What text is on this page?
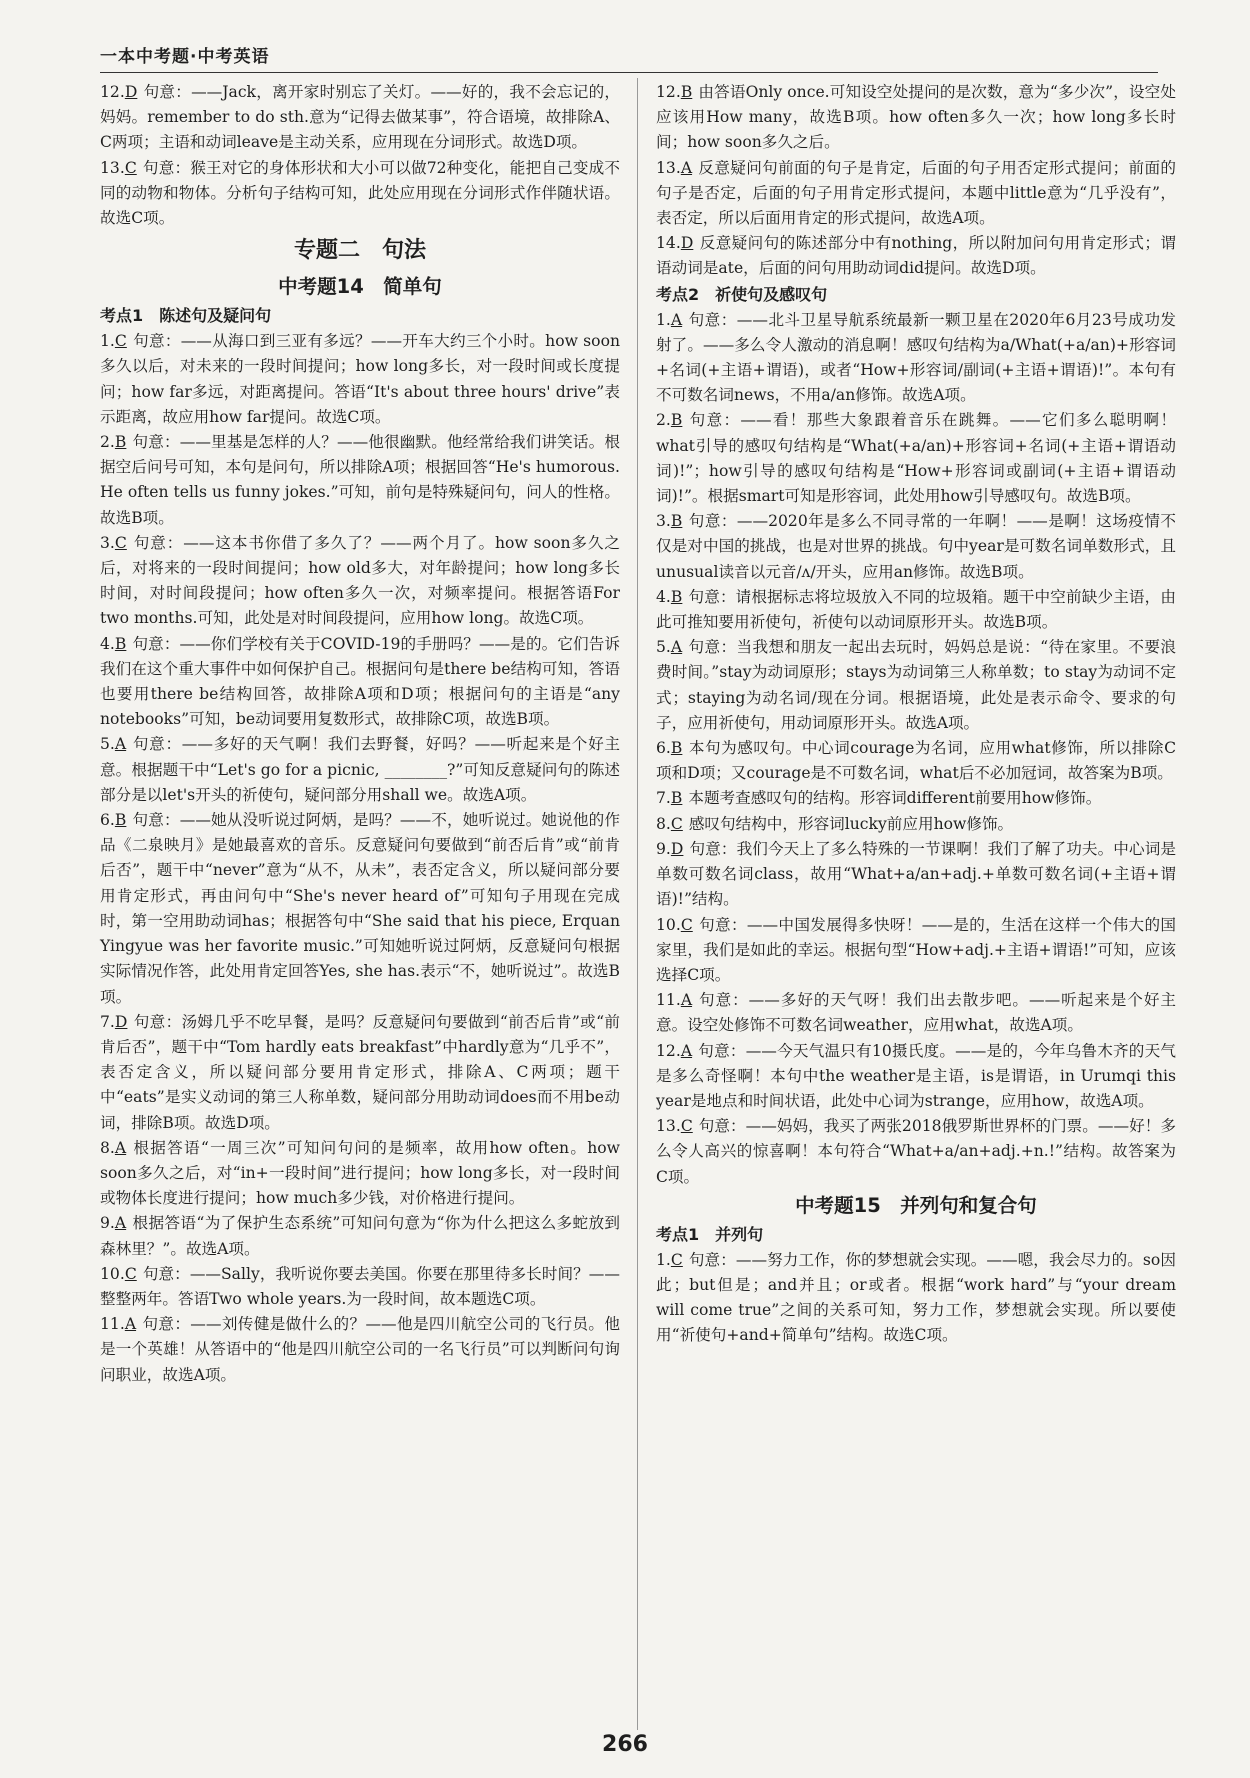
一本中考题·中考英语
12.D 句意：——Jack，离开家时别忘了关灯。——好的，我不会忘记的，妈妈。remember to do sth.意为“记得去做某事”，符合语境，故排除A、C两项；主语和动词leave是主动关系，应用现在分词形式。故选D项。
13.C 句意：猴王对它的身体形状和大小可以做72种变化，能把自己变成不同的动物和物体。分析句子结构可知，此处应用现在分词形式作伴随状语。故选C项。
专题二　句法
中考题14　简单句
考点1　陈述句及疑问句
1.C 句意：——从海口到三亚有多远？——开车大约三个小时。how soon多久以后，对未来的一段时间提问；how long多长，对一段时间或长度提问；how far多远，对距离提问。答语“It's about three hours' drive”表示距离，故应用how far提问。故选C项。
2.B 句意：——里基是怎样的人？——他很幽默。他经常给我们讲笑话。根据空后问号可知，本句是问句，所以排除A项；根据回答“He's humorous. He often tells us funny jokes.”可知，前句是特殊疑问句，问人的性格。故选B项。
3.C 句意：——这本书你借了多久了？——两个月了。how soon多久之后，对将来的一段时间提问；how old多大，对年龄提问；how long多长时间，对时间段提问；how often多久一次，对频率提问。根据答语For two months.可知，此处是对时间段提问，应用how long。故选C项。
4.B 句意：——你们学校有关于COVID-19的手册吗？——是的。它们告诉我们在这个重大事件中如何保护自己。根据问句是there be结构可知，答语也要用there be结构回答，故排除A项和D项；根据问句的主语是“any notebooks”可知，be动词要用复数形式，故排除C项，故选B项。
5.A 句意：——多好的天气啊！我们去野餐，好吗？——听起来是个好主意。根据题干中“Let's go for a picnic, ________?”可知反意疑问句的陈述部分是以let's开头的祈使句，疑问部分用shall we。故选A项。
6.B 句意：——她从没听说过阿炳，是吗？——不，她听说过。她说他的作品《二泉映月》是她最喜欢的音乐。反意疑问句要做到“前否后肯”或“前肯后否”，题干中“never”意为“从不，从未”，表否定含义，所以疑问部分要用肯定形式，再由问句中“She's never heard of”可知句子用现在完成时，第一空用助动词has；根据答句中“She said that his piece, Erquan Yingyue was her favorite music.”可知她听说过阿炳，反意疑问句根据实际情况作答，此处用肯定回答Yes, she has.表示“不，她听说过”。故选B项。
7.D 句意：汤姆几乎不吃早餐，是吗？反意疑问句要做到“前否后肯”或“前肯后否”，题干中“Tom hardly eats breakfast”中hardly意为“几乎不”，表否定含义，所以疑问部分要用肯定形式，排除A、C两项；题干中“eats”是实义动词的第三人称单数，疑问部分用助动词does而不用be动词，排除B项。故选D项。
8.A 根据答语“一周三次”可知问句问的是频率，故用how often。how soon多久之后，对“in+一段时间”进行提问；how long多长，对一段时间或物体长度进行提问；how much多少钱，对价格进行提问。
9.A 根据答语“为了保护生态系统”可知问句意为“你为什么把这么多蛇放到森林里？”。故选A项。
10.C 句意：——Sally，我听说你要去美国。你要在那里待多长时间？——整整两年。答语Two whole years.为一段时间，故本题选C项。
11.A 句意：——刘传健是做什么的？——他是四川航空公司的飞行员。他是一个英雄！从答语中的“他是四川航空公司的一名飞行员”可以判断问句询问职业，故选A项。
12.B 由答语Only once.可知设空处提问的是次数，意为“多少次”，设空处应该用How many，故选B项。how often多久一次；how long多长时间；how soon多久之后。
13.A 反意疑问句前面的句子是肯定，后面的句子用否定形式提问；前面的句子是否定，后面的句子用肯定形式提问，本题中little意为“几乎没有”，表否定，所以后面用肯定的形式提问，故选A项。
14.D 反意疑问句的陈述部分中有nothing，所以附加问句用肯定形式；谓语动词是ate，后面的问句用助动词did提问。故选D项。
考点2　祈使句及感叹句
1.A 句意：——北斗卫星导航系统最新一颗卫星在2020年6月23号成功发射了。——多么令人激动的消息啊！感叹句结构为a/What(+a/an)+形容词+名词(+主语+谓语)，或者“How+形容词/副词(+主语+谓语)!”。本句有不可数名词news，不用a/an修饰。故选A项。
2.B 句意：——看！那些大象跟着音乐在跳舞。——它们多么聪明啊！what引导的感叹句结构是“What(+a/an)+形容词+名词(+主语+谓语动词)!”；how引导的感叹句结构是“How+形容词或副词(+主语+谓语动词)!”。根据smart可知是形容词，此处用how引导感叹句。故选B项。
3.B 句意：——2020年是多么不同寻常的一年啊！——是啊！这场疫情不仅是对中国的挑战，也是对世界的挑战。句中year是可数名词单数形式，且unusual读音以元音/ʌ/开头，应用an修饰。故选B项。
4.B 句意：请根据标志将垃圾放入不同的垃圾箱。题干中空前缺少主语，由此可推知要用祈使句，祈使句以动词原形开头。故选B项。
5.A 句意：当我想和朋友一起出去玩时，妈妈总是说：“待在家里。不要浪费时间。”stay为动词原形；stays为动词第三人称单数；to stay为动词不定式；staying为动名词/现在分词。根据语境，此处是表示命令、要求的句子，应用祈使句，用动词原形开头。故选A项。
6.B 本句为感叹句。中心词courage为名词，应用what修饰，所以排除C项和D项；又courage是不可数名词，what后不必加冠词，故答案为B项。
7.B 本题考查感叹句的结构。形容词different前要用how修饰。
8.C 感叹句结构中，形容词lucky前应用how修饰。
9.D 句意：我们今天上了多么特殊的一节课啊！我们了解了功夫。中心词是单数可数名词class，故用“What+a/an+adj.+单数可数名词(+主语+谓语)!”结构。
10.C 句意：——中国发展得多快呀！——是的，生活在这样一个伟大的国家里，我们是如此的幸运。根据句型“How+adj.+主语+谓语!”可知，应该选择C项。
11.A 句意：——多好的天气呀！我们出去散步吧。——听起来是个好主意。设空处修饰不可数名词weather，应用what，故选A项。
12.A 句意：——今天气温只有10摄氏度。——是的，今年乌鲁木齐的天气是多么奇怪啊！本句中the weather是主语，is是谓语，in Urumqi this year是地点和时间状语，此处中心词为strange，应用how，故选A项。
13.C 句意：——妈妈，我买了两张2018俄罗斯世界杯的门票。——好！多么令人高兴的惊喜啊！本句符合“What+a/an+adj.+n.!”结构。故答案为C项。
中考题15　并列句和复合句
考点1　并列句
1.C 句意：——努力工作，你的梦想就会实现。——嗯，我会尽力的。so因此；but但是；and并且；or或者。根据“work hard”与“your dream will come true”之间的关系可知，努力工作，梦想就会实现。所以要使用“祈使句+and+简单句”结构。故选C项。
266
